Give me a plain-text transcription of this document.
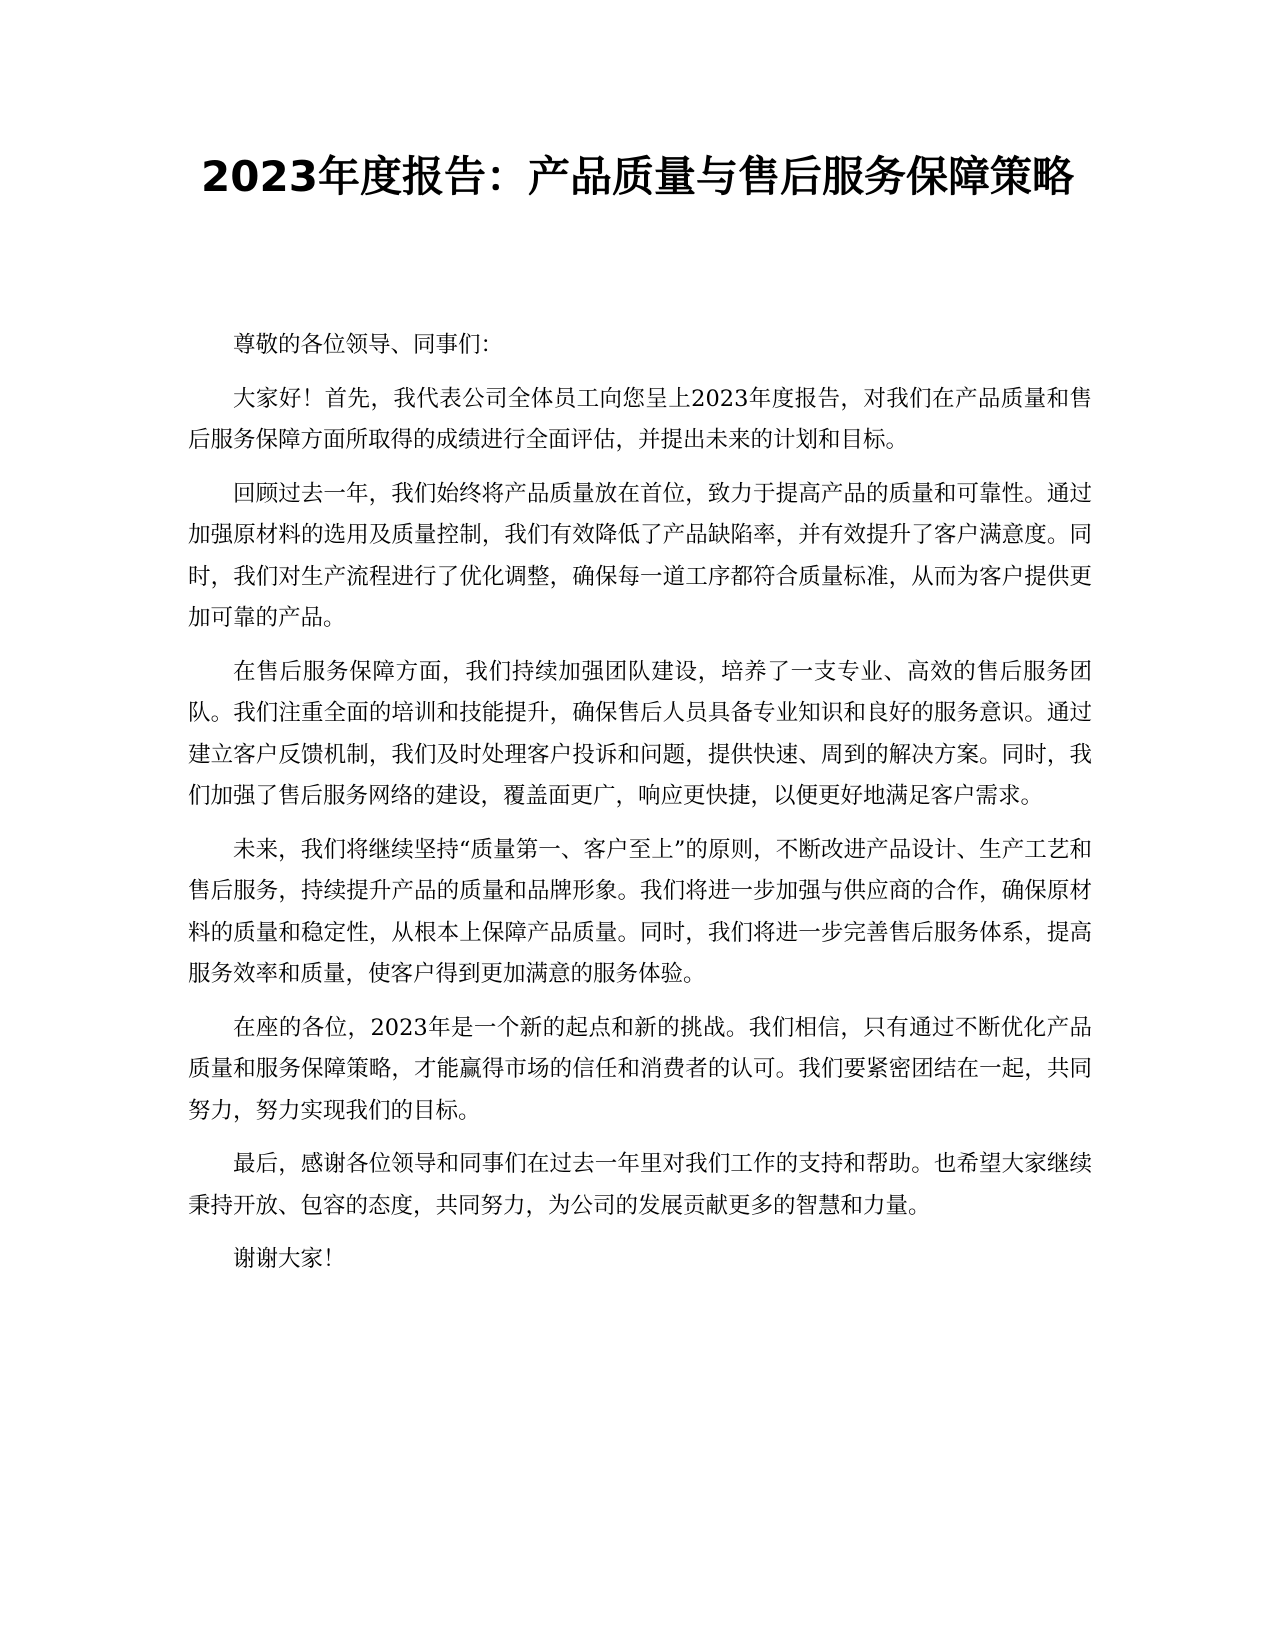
2023年度报告：产品质量与售后服务保障策略

尊敬的各位领导、同事们：

大家好！首先，我代表公司全体员工向您呈上2023年度报告，对我们在产品质量和售后服务保障方面所取得的成绩进行全面评估，并提出未来的计划和目标。

回顾过去一年，我们始终将产品质量放在首位，致力于提高产品的质量和可靠性。通过加强原材料的选用及质量控制，我们有效降低了产品缺陷率，并有效提升了客户满意度。同时，我们对生产流程进行了优化调整，确保每一道工序都符合质量标准，从而为客户提供更加可靠的产品。

在售后服务保障方面，我们持续加强团队建设，培养了一支专业、高效的售后服务团队。我们注重全面的培训和技能提升，确保售后人员具备专业知识和良好的服务意识。通过建立客户反馈机制，我们及时处理客户投诉和问题，提供快速、周到的解决方案。同时，我们加强了售后服务网络的建设，覆盖面更广，响应更快捷，以便更好地满足客户需求。

未来，我们将继续坚持“质量第一、客户至上”的原则，不断改进产品设计、生产工艺和售后服务，持续提升产品的质量和品牌形象。我们将进一步加强与供应商的合作，确保原材料的质量和稳定性，从根本上保障产品质量。同时，我们将进一步完善售后服务体系，提高服务效率和质量，使客户得到更加满意的服务体验。

在座的各位，2023年是一个新的起点和新的挑战。我们相信，只有通过不断优化产品质量和服务保障策略，才能赢得市场的信任和消费者的认可。我们要紧密团结在一起，共同努力，努力实现我们的目标。

最后，感谢各位领导和同事们在过去一年里对我们工作的支持和帮助。也希望大家继续秉持开放、包容的态度，共同努力，为公司的发展贡献更多的智慧和力量。

谢谢大家！
